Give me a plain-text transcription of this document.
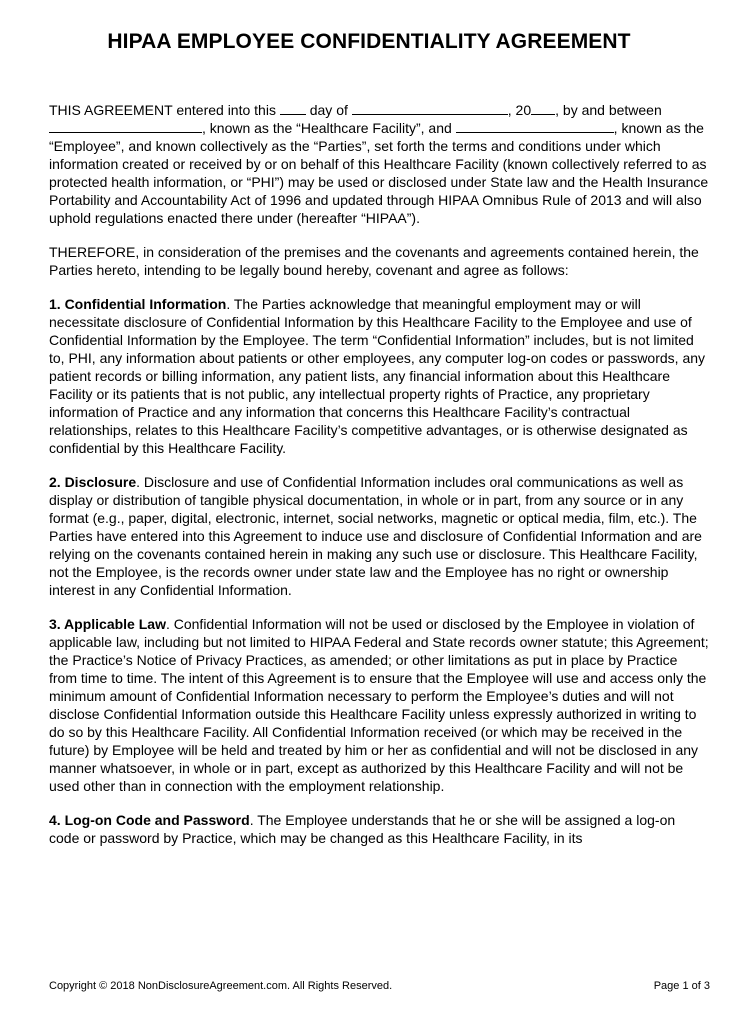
HIPAA EMPLOYEE CONFIDENTIALITY AGREEMENT

THIS AGREEMENT entered into this  day of	, 20 , by and between , known as the “Healthcare Facility”, and	, known as the “Employee”, and known collectively as the “Parties”, set forth the terms and conditions under which information created or received by or on behalf of this Healthcare Facility (known collectively referred to as protected health information, or “PHI”) may be used or disclosed under State law and the Health Insurance Portability and Accountability Act of 1996 and updated through HIPAA Omnibus Rule of 2013 and will also uphold regulations enacted there under (hereafter “HIPAA”).

THEREFORE, in consideration of the premises and the covenants and agreements contained herein, the Parties hereto, intending to be legally bound hereby, covenant and agree as follows:

1. Confidential Information. The Parties acknowledge that meaningful employment may or will necessitate disclosure of Confidential Information by this Healthcare Facility to the Employee and use of Confidential Information by the Employee. The term “Confidential Information” includes, but is not limited to, PHI, any information about patients or other employees, any computer log-on codes or passwords, any patient records or billing information, any patient lists, any financial information about this Healthcare Facility or its patients that is not public, any intellectual property rights of Practice, any proprietary information of Practice and any information that concerns this Healthcare Facility’s contractual relationships, relates to this Healthcare Facility’s competitive advantages, or is otherwise designated as confidential by this Healthcare Facility.

2. Disclosure. Disclosure and use of Confidential Information includes oral communications as well as display or distribution of tangible physical documentation, in whole or in part, from any source or in any format (e.g., paper, digital, electronic, internet, social networks, magnetic or optical media, film, etc.). The Parties have entered into this Agreement to induce use and disclosure of Confidential Information and are relying on the covenants contained herein in making any such use or disclosure. This Healthcare Facility, not the Employee, is the records owner under state law and the Employee has no right or ownership interest in any Confidential Information.

3. Applicable Law. Confidential Information will not be used or disclosed by the Employee in violation of applicable law, including but not limited to HIPAA Federal and State records owner statute; this Agreement; the Practice’s Notice of Privacy Practices, as amended; or other limitations as put in place by Practice from time to time. The intent of this Agreement is to ensure that the Employee will use and access only the minimum amount of Confidential Information necessary to perform the Employee’s duties and will not disclose Confidential Information outside this Healthcare Facility unless expressly authorized in writing to do so by this Healthcare Facility. All Confidential Information received (or which may be received in the future) by Employee will be held and treated by him or her as confidential and will not be disclosed in any manner whatsoever, in whole or in part, except as authorized by this Healthcare Facility and will not be used other than in connection with the employment relationship.

4. Log-on Code and Password. The Employee understands that he or she will be assigned a log-on code or password by Practice, which may be changed as this Healthcare Facility, in its

Copyright © 2018 NonDisclosureAgreement.com. All Rights Reserved.	Page 1 of 3
